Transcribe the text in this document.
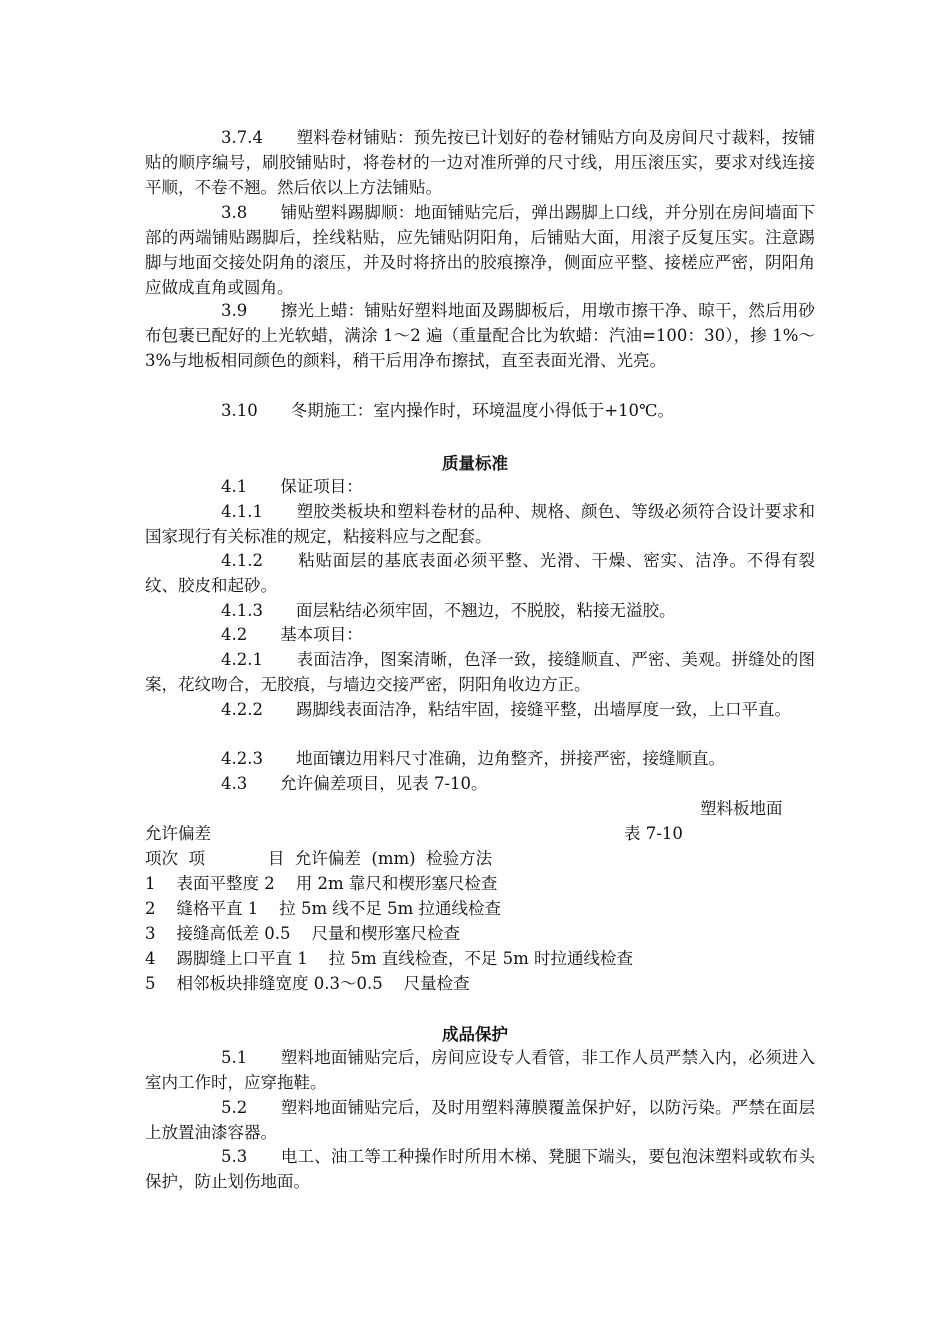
3.7.4　　塑料卷材铺贴：预先按已计划好的卷材铺贴方向及房间尺寸裁料，按铺贴的顺序编号，刷胶铺贴时，将卷材的一边对准所弹的尺寸线，用压滚压实，要求对线连接平顺，不卷不翘。然后依以上方法铺贴。

3.8　　铺贴塑料踢脚顺：地面铺贴完后，弹出踢脚上口线，并分别在房间墙面下部的两端铺贴踢脚后，拴线粘贴，应先铺贴阴阳角，后铺贴大面，用滚子反复压实。注意踢脚与地面交接处阴角的滚压，并及时将挤出的胶痕擦净，侧面应平整、接槎应严密，阴阳角应做成直角或圆角。

3.9　　擦光上蜡：铺贴好塑料地面及踢脚板后，用墩市擦干净、晾干，然后用砂布包裹已配好的上光软蜡，满涂 1～2 遍（重量配合比为软蜡：汽油=100：30），掺 1%～3%与地板相同颜色的颜料，稍干后用净布擦拭，直至表面光滑、光亮。

3.10　　冬期施工：室内操作时，环境温度小得低于+10℃。

质量标准

4.1　　保证项目：

4.1.1　　塑胶类板块和塑料卷材的品种、规格、颜色、等级必须符合设计要求和国家现行有关标准的规定，粘接料应与之配套。

4.1.2　　粘贴面层的基底表面必须平整、光滑、干燥、密实、洁净。不得有裂纹、胶皮和起砂。

4.1.3　　面层粘结必须牢固，不翘边，不脱胶，粘接无溢胶。

4.2　　基本项目：

4.2.1　　表面洁净，图案清晰，色泽一致，接缝顺直、严密、美观。拼缝处的图案，花纹吻合，无胶痕，与墙边交接严密，阴阳角收边方正。

4.2.2　　踢脚线表面洁净，粘结牢固，接缝平整，出墙厚度一致，上口平直。

4.2.3　　地面镶边用料尺寸准确，边角整齐，拼接严密，接缝顺直。

4.3　　允许偏差项目，见表 7-10。

塑料板地面

允许偏差	表 7-10

项次  项            目  允许偏差  (mm)  检验方法

1    表面平整度 2    用 2m 靠尺和楔形塞尺检查

2    缝格平直 1    拉 5m 线不足 5m 拉通线检查

3    接缝高低差 0.5    尺量和楔形塞尺检查

4    踢脚缝上口平直 1    拉 5m 直线检查，不足 5m 时拉通线检查

5    相邻板块排缝宽度 0.3～0.5    尺量检查

成品保护

5.1　　塑料地面铺贴完后，房间应设专人看管，非工作人员严禁入内，必须进入室内工作时，应穿拖鞋。

5.2　　塑料地面铺贴完后，及时用塑料薄膜覆盖保护好，以防污染。严禁在面层上放置油漆容器。

5.3　　电工、油工等工种操作时所用木梯、凳腿下端头，要包泡沫塑料或软布头保护，防止划伤地面。
